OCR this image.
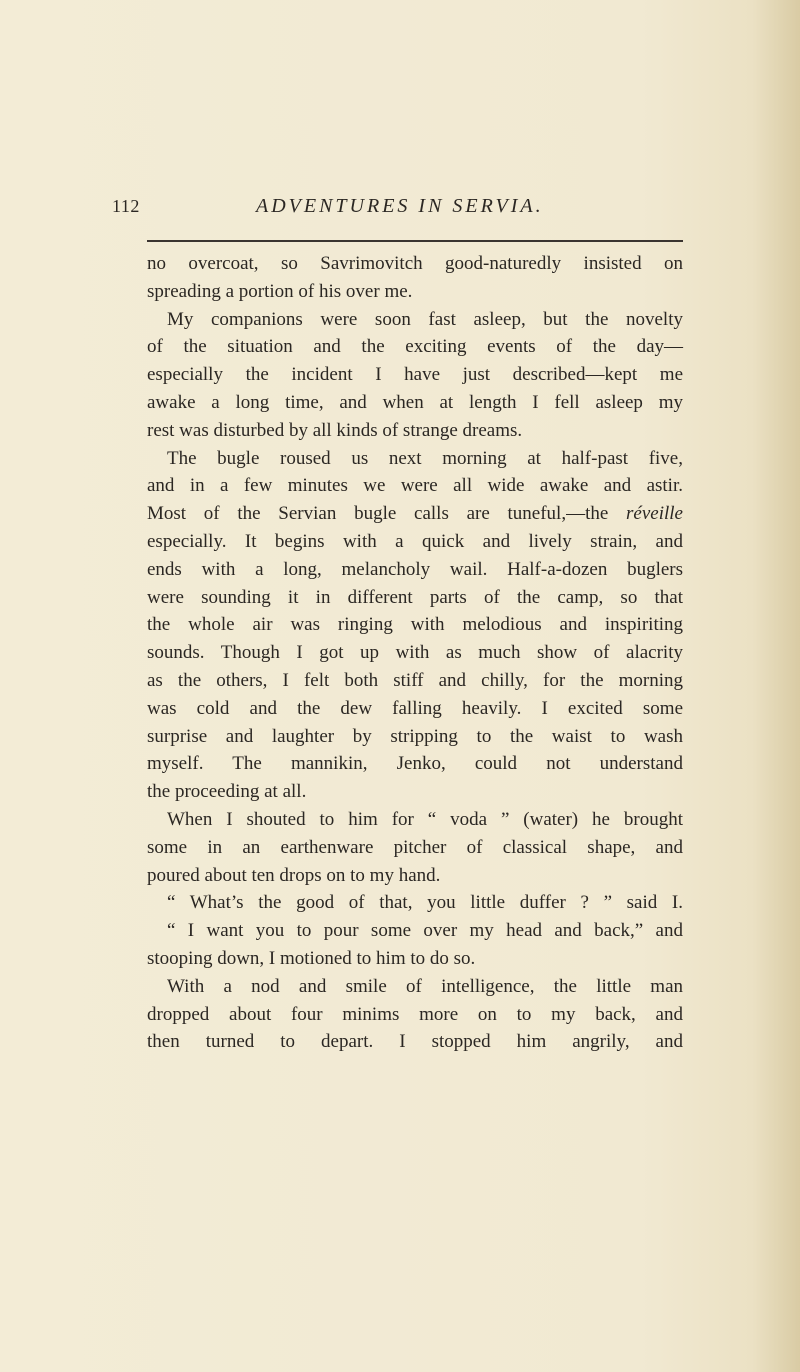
112	ADVENTURES IN SERVIA.
no overcoat, so Savrimovitch good-naturedly insisted on
spreading a portion of his over me.
My companions were soon fast asleep, but the novelty
of the situation and the exciting events of the day—
especially the incident I have just described—kept me
awake a long time, and when at length I fell asleep my
rest was disturbed by all kinds of strange dreams.
The bugle roused us next morning at half-past five,
and in a few minutes we were all wide awake and astir.
Most of the Servian bugle calls are tuneful,—the réveille
especially. It begins with a quick and lively strain, and
ends with a long, melancholy wail. Half-a-dozen buglers
were sounding it in different parts of the camp, so that
the whole air was ringing with melodious and inspiriting
sounds. Though I got up with as much show of alacrity
as the others, I felt both stiff and chilly, for the morning
was cold and the dew falling heavily. I excited some
surprise and laughter by stripping to the waist to wash
myself. The mannikin, Jenko, could not understand
the proceeding at all.
When I shouted to him for “ voda ” (water) he brought
some in an earthenware pitcher of classical shape, and
poured about ten drops on to my hand.
“ What’s the good of that, you little duffer ? ” said I.
“ I want you to pour some over my head and back,” and
stooping down, I motioned to him to do so.
With a nod and smile of intelligence, the little man
dropped about four minims more on to my back, and
then turned to depart. I stopped him angrily, and
